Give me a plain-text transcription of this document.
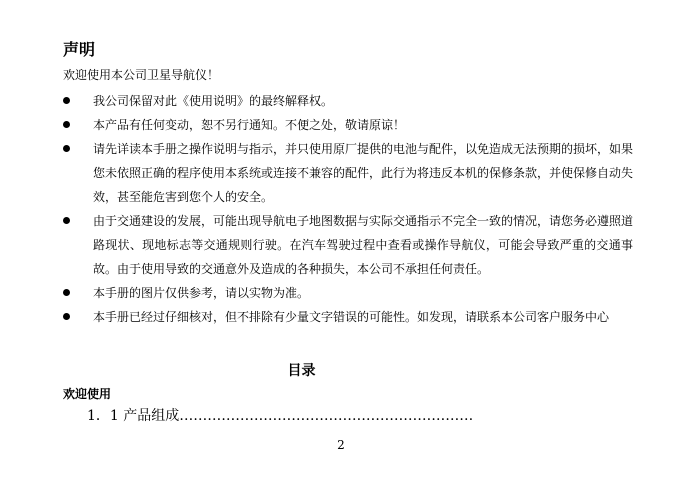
声明
欢迎使用本公司卫星导航仪！
我公司保留对此《使用说明》的最终解释权。
本产品有任何变动，恕不另行通知。不便之处，敬请原谅！
请先详读本手册之操作说明与指示，并只使用原厂提供的电池与配件，以免造成无法预期的损坏，如果您未依照正确的程序使用本系统或连接不兼容的配件，此行为将违反本机的保修条款，并使保修自动失效，甚至能危害到您个人的安全。
由于交通建设的发展，可能出现导航电子地图数据与实际交通指示不完全一致的情况，请您务必遵照道路现状、现地标志等交通规则行驶。在汽车驾驶过程中查看或操作导航仪，可能会导致严重的交通事故。由于使用导致的交通意外及造成的各种损失，本公司不承担任何责任。
本手册的图片仅供参考，请以实物为准。
本手册已经过仔细核对，但不排除有少量文字错误的可能性。如发现，请联系本公司客户服务中心
目录
欢迎使用
1．1 产品组成………………………………………………………
2
